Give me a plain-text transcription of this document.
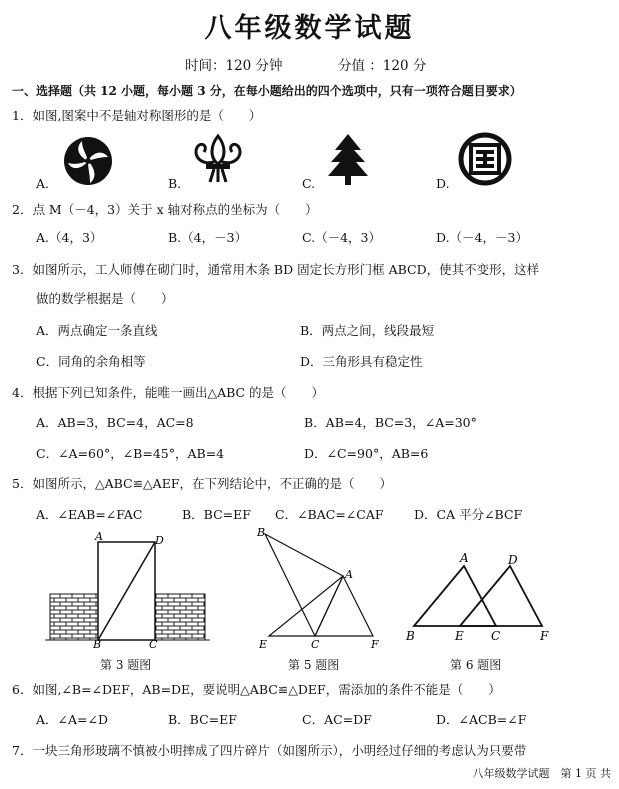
八年级数学试题
时间：120 分钟	分值 ：120 分
一、选择题（共 12 小题，每小题 3 分，在每小题给出的四个选项中，只有一项符合题目要求）
1．如图,图案中不是轴对称图形的是（　　）
A.	B.	C.	D.
2．点 M（－4，3）关于 x 轴对称点的坐标为（　　）
A.（4，3）	B.（4，－3）	C.（－4，3）	D.（－4，－3）
3．如图所示，工人师傅在砌门时，通常用木条 BD 固定长方形门框 ABCD，使其不变形，这样
做的数学根据是（　　）
A．两点确定一条直线	B．两点之间，线段最短
C．同角的余角相等	D．三角形具有稳定性
4．根据下列已知条件，能唯一画出△ABC 的是（　　）
A．AB=3，BC=4，AC=8	B．AB=4，BC=3，∠A=30°
C．∠A=60°，∠B=45°，AB=4	D．∠C=90°，AB=6
5．如图所示，△ABC≌△AEF，在下列结论中，不正确的是（　　）
A．∠EAB=∠FAC	B．BC=EF C．∠BAC=∠CAF D．CA 平分∠BCF
A	D
B	C
第 3 题图
B
A
E	C	F
第 5 题图
A	D
B	E C	F
第 6 题图
6．如图,∠B=∠DEF，AB=DE，要说明△ABC≌△DEF，需添加的条件不能是（　　）
A．∠A=∠D	B．BC=EF	C．AC=DF	D．∠ACB=∠F
7．一块三角形玻璃不慎被小明摔成了四片碎片（如图所示），小明经过仔细的考虑认为只要带
八年级数学试题　第 1 页 共
